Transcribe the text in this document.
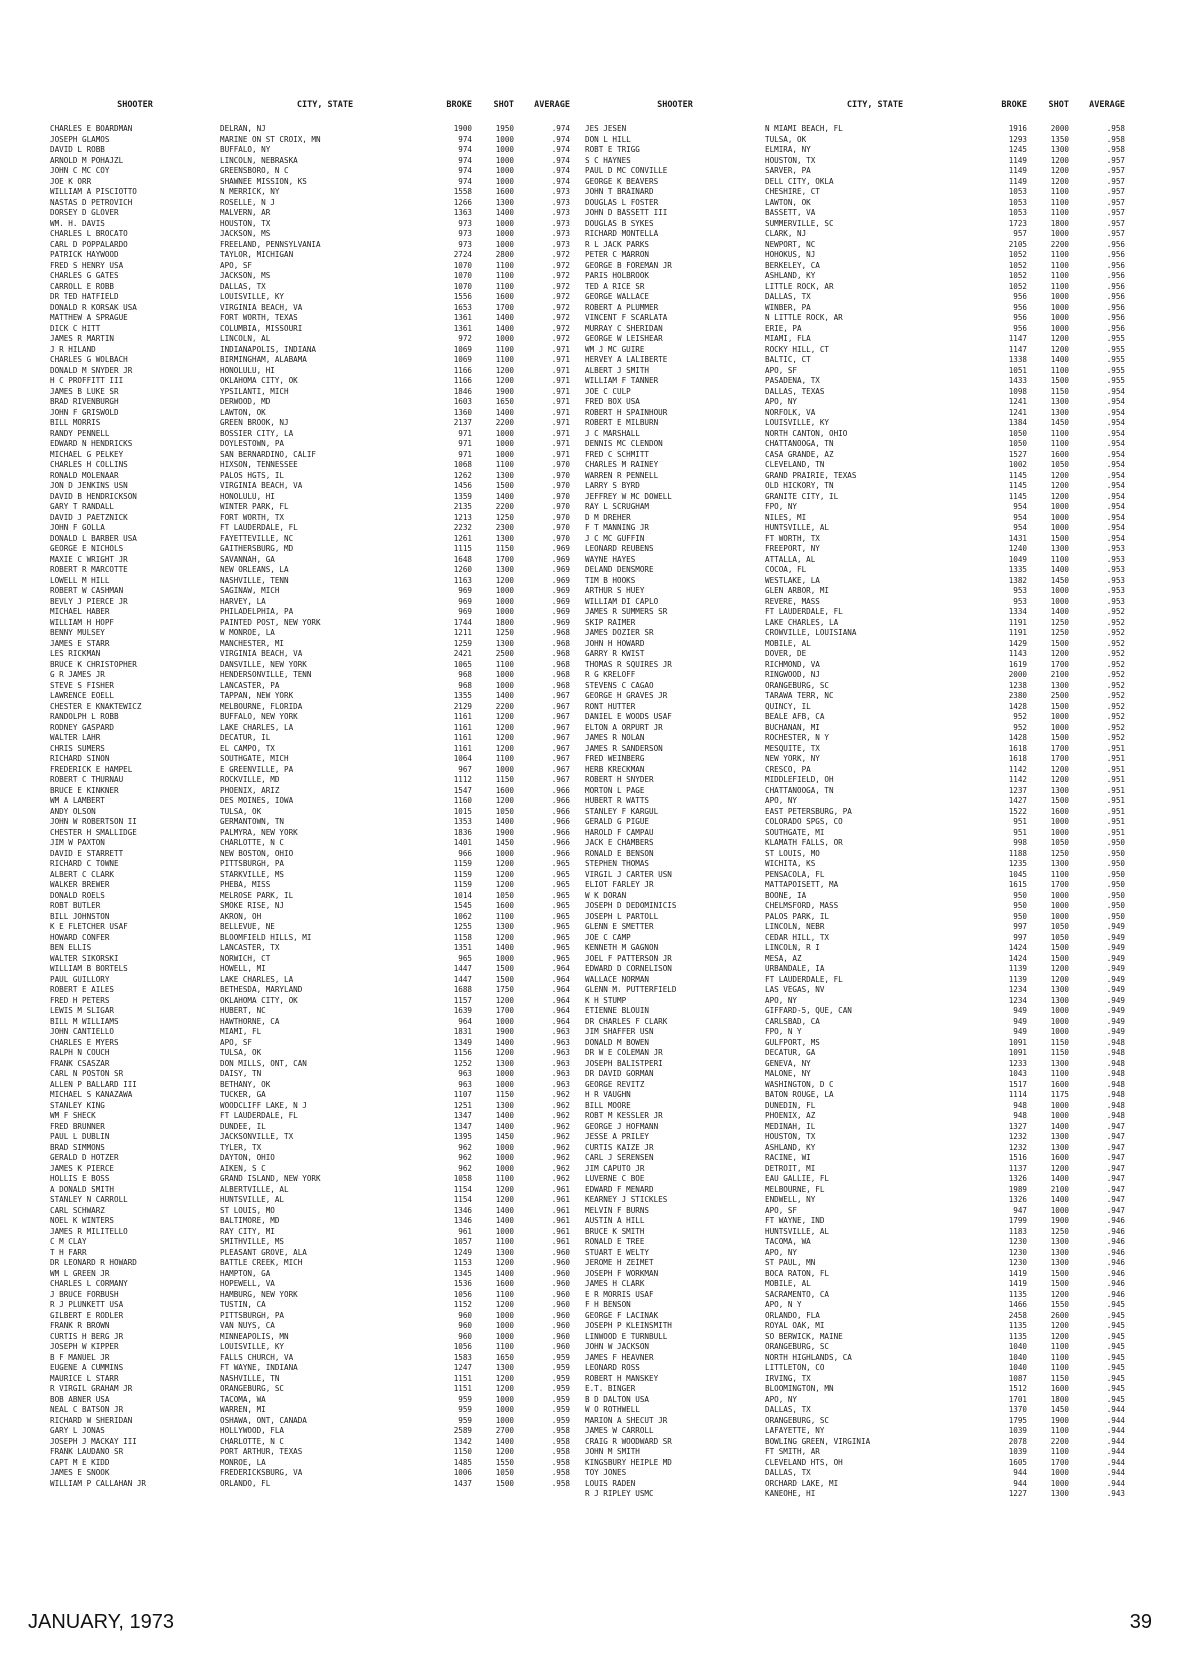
SHOOTER	CITY, STATE	BROKE	SHOT	AVERAGE
CHARLES E BOARDMAN	DELRAN, NJ	1900	1950	.974
JOSEPH GLAMOS	MARINE ON ST CROIX, MN	974	1000	.974
DAVID L ROBB	BUFFALO, NY	974	1000	.974
ARNOLD M POHAJZL	LINCOLN, NEBRASKA	974	1000	.974
JOHN C MC COY	GREENSBORO, N C	974	1000	.974
JOE K ORR	SHAWNEE MISSION, KS	974	1000	.974
WILLIAM A PISCIOTTO	N MERRICK, NY	1558	1600	.973
NASTAS D PETROVICH	ROSELLE, N J	1266	1300	.973
DORSEY D GLOVER	MALVERN, AR	1363	1400	.973
WM. H. DAVIS	HOUSTON, TX	973	1000	.973
CHARLES L BROCATO	JACKSON, MS	973	1000	.973
CARL D POPPALARDO	FREELAND, PENNSYLVANIA	973	1000	.973
PATRICK HAYWOOD	TAYLOR, MICHIGAN	2724	2800	.972
FRED S HENRY USA	APO, SF	1070	1100	.972
CHARLES G GATES	JACKSON, MS	1070	1100	.972
CARROLL E ROBB	DALLAS, TX	1070	1100	.972
DR TED HATFIELD	LOUISVILLE, KY	1556	1600	.972
DONALD R KORSAK USA	VIRGINIA BEACH, VA	1653	1700	.972
MATTHEW A SPRAGUE	FORT WORTH, TEXAS	1361	1400	.972
DICK C HITT	COLUMBIA, MISSOURI	1361	1400	.972
JAMES R MARTIN	LINCOLN, AL	972	1000	.972
J R HILAND	INDIANAPOLIS, INDIANA	1069	1100	.971
CHARLES G WOLBACH	BIRMINGHAM, ALABAMA	1069	1100	.971
DONALD M SNYDER JR	HONOLULU, HI	1166	1200	.971
H C PROFFITT III	OKLAHOMA CITY, OK	1166	1200	.971
JAMES B LUKE SR	YPSILANTI, MICH	1846	1900	.971
BRAD RIVENBURGH	DERWOOD, MD	1603	1650	.971
JOHN F GRISWOLD	LAWTON, OK	1360	1400	.971
BILL MORRIS	GREEN BROOK, NJ	2137	2200	.971
RANDY PENNELL	BOSSIER CITY, LA	971	1000	.971
EDWARD N HENDRICKS	DOYLESTOWN, PA	971	1000	.971
MICHAEL G PELKEY	SAN BERNARDINO, CALIF	971	1000	.971
CHARLES H COLLINS	HIXSON, TENNESSEE	1068	1100	.970
RONALD MOLENAAR	PALOS HGTS, IL	1262	1300	.970
JON D JENKINS USN	VIRGINIA BEACH, VA	1456	1500	.970
DAVID B HENDRICKSON	HONOLULU, HI	1359	1400	.970
GARY T RANDALL	WINTER PARK, FL	2135	2200	.970
DAVID J PAETZNICK	FORT WORTH, TX	1213	1250	.970
JOHN F GOLLA	FT LAUDERDALE, FL	2232	2300	.970
DONALD L BARBER USA	FAYETTEVILLE, NC	1261	1300	.970
GEORGE E NICHOLS	GAITHERSBURG, MD	1115	1150	.969
MAXIE C WRIGHT JR	SAVANNAH, GA	1648	1700	.969
ROBERT R MARCOTTE	NEW ORLEANS, LA	1260	1300	.969
LOWELL M HILL	NASHVILLE, TENN	1163	1200	.969
ROBERT W CASHMAN	SAGINAW, MICH	969	1000	.969
BEVLY J PIERCE JR	HARVEY, LA	969	1000	.969
MICHAEL HABER	PHILADELPHIA, PA	969	1000	.969
WILLIAM H HOPF	PAINTED POST, NEW YORK	1744	1800	.969
BENNY MULSEY	W MONROE, LA	1211	1250	.968
JAMES E STARR	MANCHESTER, MI	1259	1300	.968
LES RICKMAN	VIRGINIA BEACH, VA	2421	2500	.968
BRUCE K CHRISTOPHER	DANSVILLE, NEW YORK	1065	1100	.968
G R JAMES JR	HENDERSONVILLE, TENN	968	1000	.968
STEVE S FISHER	LANCASTER, PA	968	1000	.968
LAWRENCE EOELL	TAPPAN, NEW YORK	1355	1400	.967
CHESTER E KNAKTEWICZ	MELBOURNE, FLORIDA	2129	2200	.967
RANDOLPH L ROBB	BUFFALO, NEW YORK	1161	1200	.967
RODNEY GASPARD	LAKE CHARLES, LA	1161	1200	.967
WALTER LAHR	DECATUR, IL	1161	1200	.967
CHRIS SUMERS	EL CAMPO, TX	1161	1200	.967
RICHARD SINON	SOUTHGATE, MICH	1064	1100	.967
FREDERICK E HAMPEL	E GREENVILLE, PA	967	1000	.967
ROBERT C THURNAU	ROCKVILLE, MD	1112	1150	.967
BRUCE E KINKNER	PHOENIX, ARIZ	1547	1600	.966
WM A LAMBERT	DES MOINES, IOWA	1160	1200	.966
ANDY OLSON	TULSA, OK	1015	1050	.966
JOHN W ROBERTSON II	GERMANTOWN, TN	1353	1400	.966
CHESTER H SMALLIDGE	PALMYRA, NEW YORK	1836	1900	.966
JIM W PAXTON	CHARLOTTE, N C	1401	1450	.966
DAVID E STARRETT	NEW BOSTON, OHIO	966	1000	.966
RICHARD C TOWNE	PITTSBURGH, PA	1159	1200	.965
ALBERT C CLARK	STARKVILLE, MS	1159	1200	.965
WALKER BREWER	PHEBA, MISS	1159	1200	.965
DONALD ROELS	MELROSE PARK, IL	1014	1050	.965
ROBT BUTLER	SMOKE RISE, NJ	1545	1600	.965
BILL JOHNSTON	AKRON, OH	1062	1100	.965
K E FLETCHER USAF	BELLEVUE, NE	1255	1300	.965
HOWARD CONFER	BLOOMFIELD HILLS, MI	1158	1200	.965
BEN ELLIS	LANCASTER, TX	1351	1400	.965
WALTER SIKORSKI	NORWICH, CT	965	1000	.965
WILLIAM B BORTELS	HOWELL, MI	1447	1500	.964
PAUL GUILLORY	LAKE CHARLES, LA	1447	1500	.964
ROBERT E AILES	BETHESDA, MARYLAND	1688	1750	.964
FRED H PETERS	OKLAHOMA CITY, OK	1157	1200	.964
LEWIS M SLIGAR	HUBERT, NC	1639	1700	.964
BILL M WILLIAMS	HAWTHORNE, CA	964	1000	.964
JOHN CANTIELLO	MIAMI, FL	1831	1900	.963
CHARLES E MYERS	APO, SF	1349	1400	.963
RALPH N COUCH	TULSA, OK	1156	1200	.963
FRANK CSASZAR	DON MILLS, ONT, CAN	1252	1300	.963
CARL N POSTON SR	DAISY, TN	963	1000	.963
ALLEN P BALLARD III	BETHANY, OK	963	1000	.963
MICHAEL S KANAZAWA	TUCKER, GA	1107	1150	.962
STANLEY KING	WOODCLIFF LAKE, N J	1251	1300	.962
WM F SHECK	FT LAUDERDALE, FL	1347	1400	.962
FRED BRUNNER	DUNDEE, IL	1347	1400	.962
PAUL L DUBLIN	JACKSONVILLE, TX	1395	1450	.962
BRAD SIMMONS	TYLER, TX	962	1000	.962
GERALD D HOTZER	DAYTON, OHIO	962	1000	.962
JAMES K PIERCE	AIKEN, S C	962	1000	.962
HOLLIS E BOSS	GRAND ISLAND, NEW YORK	1058	1100	.962
A DONALD SMITH	ALBERTVILLE, AL	1154	1200	.961
STANLEY N CARROLL	HUNTSVILLE, AL	1154	1200	.961
CARL SCHWARZ	ST LOUIS, MO	1346	1400	.961
NOEL K WINTERS	BALTIMORE, MD	1346	1400	.961
JAMES R MILITELLO	RAY CITY, MI	961	1000	.961
C M CLAY	SMITHVILLE, MS	1057	1100	.961
T H FARR	PLEASANT GROVE, ALA	1249	1300	.960
DR LEONARD R HOWARD	BATTLE CREEK, MICH	1153	1200	.960
WM L GREEN JR	HAMPTON, GA	1345	1400	.960
CHARLES L CORMANY	HOPEWELL, VA	1536	1600	.960
J BRUCE FORBUSH	HAMBURG, NEW YORK	1056	1100	.960
R J PLUNKETT USA	TUSTIN, CA	1152	1200	.960
GILBERT E RODLER	PITTSBURGH, PA	960	1000	.960
FRANK R BROWN	VAN NUYS, CA	960	1000	.960
CURTIS H BERG JR	MINNEAPOLIS, MN	960	1000	.960
JOSEPH W KIPPER	LOUISVILLE, KY	1056	1100	.960
B F MANUEL JR	FALLS CHURCH, VA	1583	1650	.959
EUGENE A CUMMINS	FT WAYNE, INDIANA	1247	1300	.959
MAURICE L STARR	NASHVILLE, TN	1151	1200	.959
R VIRGIL GRAHAM JR	ORANGEBURG, SC	1151	1200	.959
BOB ABNER USA	TACOMA, WA	959	1000	.959
NEAL C BATSON JR	WARREN, MI	959	1000	.959
RICHARD W SHERIDAN	OSHAWA, ONT, CANADA	959	1000	.959
GARY L JONAS	HOLLYWOOD, FLA	2589	2700	.958
JOSEPH J MACKAY III	CHARLOTTE, N C	1342	1400	.958
FRANK LAUDANO SR	PORT ARTHUR, TEXAS	1150	1200	.958
CAPT M E KIDD	MONROE, LA	1485	1550	.958
JAMES E SNOOK	FREDERICKSBURG, VA	1006	1050	.958
WILLIAM P CALLAHAN JR	ORLANDO, FL	1437	1500	.958
SHOOTER	CITY, STATE	BROKE	SHOT	AVERAGE
JES JESEN	N MIAMI BEACH, FL	1916	2000	.958
DON L HILL	TULSA, OK	1293	1350	.958
ROBT E TRIGG	ELMIRA, NY	1245	1300	.958
S C HAYNES	HOUSTON, TX	1149	1200	.957
PAUL D MC CONVILLE	SARVER, PA	1149	1200	.957
GEORGE K BEAVERS	DELL CITY, OKLA	1149	1200	.957
JOHN T BRAINARD	CHESHIRE, CT	1053	1100	.957
DOUGLAS L FOSTER	LAWTON, OK	1053	1100	.957
JOHN D BASSETT III	BASSETT, VA	1053	1100	.957
DOUGLAS B SYKES	SUMMERVILLE, SC	1723	1800	.957
RICHARD MONTELLA	CLARK, NJ	957	1000	.957
R L JACK PARKS	NEWPORT, NC	2105	2200	.956
PETER C MARRON	HOHOKUS, NJ	1052	1100	.956
GEORGE B FOREMAN JR	BERKELEY, CA	1052	1100	.956
PARIS HOLBROOK	ASHLAND, KY	1052	1100	.956
TED A RICE SR	LITTLE ROCK, AR	1052	1100	.956
GEORGE WALLACE	DALLAS, TX	956	1000	.956
ROBERT A PLUMMER	WINBER, PA	956	1000	.956
VINCENT F SCARLATA	N LITTLE ROCK, AR	956	1000	.956
MURRAY C SHERIDAN	ERIE, PA	956	1000	.956
GEORGE W LEISHEAR	MIAMI, FLA	1147	1200	.955
WM J MC GUIRE	ROCKY HILL, CT	1147	1200	.955
HERVEY A LALIBERTE	BALTIC, CT	1338	1400	.955
ALBERT J SMITH	APO, SF	1051	1100	.955
WILLIAM F TANNER	PASADENA, TX	1433	1500	.955
JOE C CULP	DALLAS, TEXAS	1098	1150	.954
FRED BOX USA	APO, NY	1241	1300	.954
ROBERT H SPAINHOUR	NORFOLK, VA	1241	1300	.954
ROBERT E MILBURN	LOUISVILLE, KY	1384	1450	.954
J C MARSHALL	NORTH CANTON, OHIO	1050	1100	.954
DENNIS MC CLENDON	CHATTANOOGA, TN	1050	1100	.954
FRED C SCHMITT	CASA GRANDE, AZ	1527	1600	.954
CHARLES M RAINEY	CLEVELAND, TN	1002	1050	.954
WARREN R PENNELL	GRAND PRAIRIE, TEXAS	1145	1200	.954
LARRY S BYRD	OLD HICKORY, TN	1145	1200	.954
JEFFREY W MC DOWELL	GRANITE CITY, IL	1145	1200	.954
RAY L SCRUGHAM	FPO, NY	954	1000	.954
D M DREHER	NILES, MI	954	1000	.954
F T MANNING JR	HUNTSVILLE, AL	954	1000	.954
J C MC GUFFIN	FT WORTH, TX	1431	1500	.954
LEONARD REUBENS	FREEPORT, NY	1240	1300	.953
WAYNE HAYES	ATTALLA, AL	1049	1100	.953
DELAND DENSMORE	COCOA, FL	1335	1400	.953
TIM B HOOKS	WESTLAKE, LA	1382	1450	.953
ARTHUR S HUEY	GLEN ARBOR, MI	953	1000	.953
WILLIAM DI CAPLO	REVERE, MASS	953	1000	.953
JAMES R SUMMERS SR	FT LAUDERDALE, FL	1334	1400	.952
SKIP RAIMER	LAKE CHARLES, LA	1191	1250	.952
JAMES DOZIER SR	CROWVILLE, LOUISIANA	1191	1250	.952
JOHN H HOWARD	MOBILE, AL	1429	1500	.952
GARRY R KWIST	DOVER, DE	1143	1200	.952
THOMAS R SQUIRES JR	RICHMOND, VA	1619	1700	.952
R G KRELOFF	RINGWOOD, NJ	2000	2100	.952
STEVENS C CAGAO	ORANGEBURG, SC	1238	1300	.952
GEORGE H GRAVES JR	TARAWA TERR, NC	2380	2500	.952
RONT HUTTER	QUINCY, IL	1428	1500	.952
DANIEL E WOODS USAF	BEALE AFB, CA	952	1000	.952
ELTON A ORPURT JR	BUCHANAN, MI	952	1000	.952
JAMES R NOLAN	ROCHESTER, N Y	1428	1500	.952
JAMES R SANDERSON	MESQUITE, TX	1618	1700	.951
FRED WEINBERG	NEW YORK, NY	1618	1700	.951
HERB KRECKMAN	CRESCO, PA	1142	1200	.951
ROBERT H SNYDER	MIDDLEFIELD, OH	1142	1200	.951
MORTON L PAGE	CHATTANOOGA, TN	1237	1300	.951
HUBERT R WATTS	APO, NY	1427	1500	.951
STANLEY F KARGUL	EAST PETERSBURG, PA	1522	1600	.951
GERALD G PIGUE	COLORADO SPGS, CO	951	1000	.951
HAROLD F CAMPAU	SOUTHGATE, MI	951	1000	.951
JACK E CHAMBERS	KLAMATH FALLS, OR	998	1050	.950
RONALD E BENSON	ST LOUIS, MO	1188	1250	.950
STEPHEN THOMAS	WICHITA, KS	1235	1300	.950
VIRGIL J CARTER USN	PENSACOLA, FL	1045	1100	.950
ELIOT FARLEY JR	MATTAPOISETT, MA	1615	1700	.950
W K DORAN	BOONE, IA	950	1000	.950
JOSEPH D DEDOMINICIS	CHELMSFORD, MASS	950	1000	.950
JOSEPH L PARTOLL	PALOS PARK, IL	950	1000	.950
GLENN E SMETTER	LINCOLN, NEBR	997	1050	.949
JOE C CAMP	CEDAR HILL, TX	997	1050	.949
KENNETH M GAGNON	LINCOLN, R I	1424	1500	.949
JOEL F PATTERSON JR	MESA, AZ	1424	1500	.949
EDWARD D CORNELISON	URBANDALE, IA	1139	1200	.949
WALLACE NORMAN	FT LAUDERDALE, FL	1139	1200	.949
GLENN M. PUTTERFIELD	LAS VEGAS, NV	1234	1300	.949
K H STUMP	APO, NY	1234	1300	.949
ETIENNE BLOUIN	GIFFARD-5, QUE, CAN	949	1000	.949
DR CHARLES F CLARK	CARLSBAD, CA	949	1000	.949
JIM SHAFFER USN	FPO, N Y	949	1000	.949
DONALD M BOWEN	GULFPORT, MS	1091	1150	.948
DR W E COLEMAN JR	DECATUR, GA	1091	1150	.948
JOSEPH BALISTPERI	GENEVA, NY	1233	1300	.948
DR DAVID GORMAN	MALONE, NY	1043	1100	.948
GEORGE REVITZ	WASHINGTON, D C	1517	1600	.948
H R VAUGHN	BATON ROUGE, LA	1114	1175	.948
BILL MOORE	DUNEDIN, FL	948	1000	.948
ROBT M KESSLER JR	PHOENIX, AZ	948	1000	.948
GEORGE J HOFMANN	MEDINAH, IL	1327	1400	.947
JESSE A PRILEY	HOUSTON, TX	1232	1300	.947
CURTIS KAIZE JR	ASHLAND, KY	1232	1300	.947
CARL J SERENSEN	RACINE, WI	1516	1600	.947
JIM CAPUTO JR	DETROIT, MI	1137	1200	.947
LUVERNE C BOE	EAU GALLIE, FL	1326	1400	.947
EDWARD F MENARD	MELBOURNE, FL	1989	2100	.947
KEARNEY J STICKLES	ENDWELL, NY	1326	1400	.947
MELVIN F BURNS	APO, SF	947	1000	.947
AUSTIN A HILL	FT WAYNE, IND	1799	1900	.946
BRUCE K SMITH	HUNTSVILLE, AL	1183	1250	.946
RONALD E TREE	TACOMA, WA	1230	1300	.946
STUART E WELTY	APO, NY	1230	1300	.946
JEROME H ZEIMET	ST PAUL, MN	1230	1300	.946
JOSEPH F WORKMAN	BOCA RATON, FL	1419	1500	.946
JAMES H CLARK	MOBILE, AL	1419	1500	.946
E R MORRIS USAF	SACRAMENTO, CA	1135	1200	.946
F H BENSON	APO, N Y	1466	1550	.945
GEORGE F LACINAK	ORLANDO, FLA	2458	2600	.945
JOSEPH P KLEINSMITH	ROYAL OAK, MI	1135	1200	.945
LINWOOD E TURNBULL	SO BERWICK, MAINE	1135	1200	.945
JOHN W JACKSON	ORANGEBURG, SC	1040	1100	.945
JAMES F HEAVNER	NORTH HIGHLANDS, CA	1040	1100	.945
LEONARD ROSS	LITTLETON, CO	1040	1100	.945
ROBERT H MANSKEY	IRVING, TX	1087	1150	.945
E.T. BINGER	BLOOMINGTON, MN	1512	1600	.945
B D DALTON USA	APO, NY	1701	1800	.945
W O ROTHWELL	DALLAS, TX	1370	1450	.944
MARION A SHECUT JR	ORANGEBURG, SC	1795	1900	.944
JAMES W CARROLL	LAFAYETTE, NY	1039	1100	.944
CRAIG R WOODWARD SR	BOWLING GREEN, VIRGINIA	2078	2200	.944
JOHN M SMITH	FT SMITH, AR	1039	1100	.944
KINGSBURY HEIPLE MD	CLEVELAND HTS, OH	1605	1700	.944
TOY JONES	DALLAS, TX	944	1000	.944
LOUIS RADEN	ORCHARD LAKE, MI	944	1000	.944
R J RIPLEY USMC	KANEOHE, HI	1227	1300	.943
JANUARY, 1973	39
